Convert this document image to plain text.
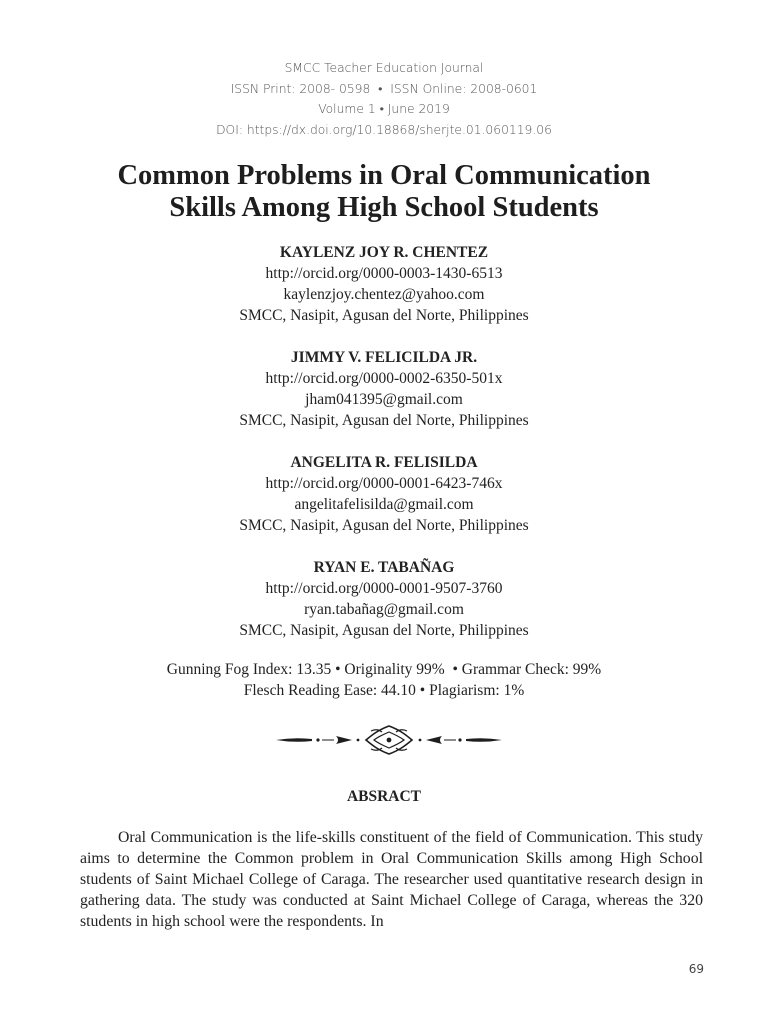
SMCC Teacher Education Journal
ISSN Print: 2008- 0598  •  ISSN Online: 2008-0601
Volume 1 • June 2019
DOI: https://dx.doi.org/10.18868/sherjte.01.060119.06
Common Problems in Oral Communication
Skills Among High School Students
KAYLENZ JOY R. CHENTEZ
http://orcid.org/0000-0003-1430-6513
kaylenzjoy.chentez@yahoo.com
SMCC, Nasipit, Agusan del Norte, Philippines
JIMMY V. FELICILDA JR.
http://orcid.org/0000-0002-6350-501x
jham041395@gmail.com
SMCC, Nasipit, Agusan del Norte, Philippines
ANGELITA R. FELISILDA
http://orcid.org/0000-0001-6423-746x
angelitafelisilda@gmail.com
SMCC, Nasipit, Agusan del Norte, Philippines
RYAN E. TABAÑAG
http://orcid.org/0000-0001-9507-3760
ryan.tabañag@gmail.com
SMCC, Nasipit, Agusan del Norte, Philippines
Gunning Fog Index: 13.35 • Originality 99%  • Grammar Check: 99%
Flesch Reading Ease: 44.10 • Plagiarism: 1%
ABSRACT

Oral Communication is the life-skills constituent of the field of Communication. This study aims to determine the Common problem in Oral Communication Skills among High School students of Saint Michael College of Caraga. The researcher used quantitative research design in gathering data. The study was conducted at Saint Michael College of Caraga, whereas the 320 students in high school were the respondents. In

69
